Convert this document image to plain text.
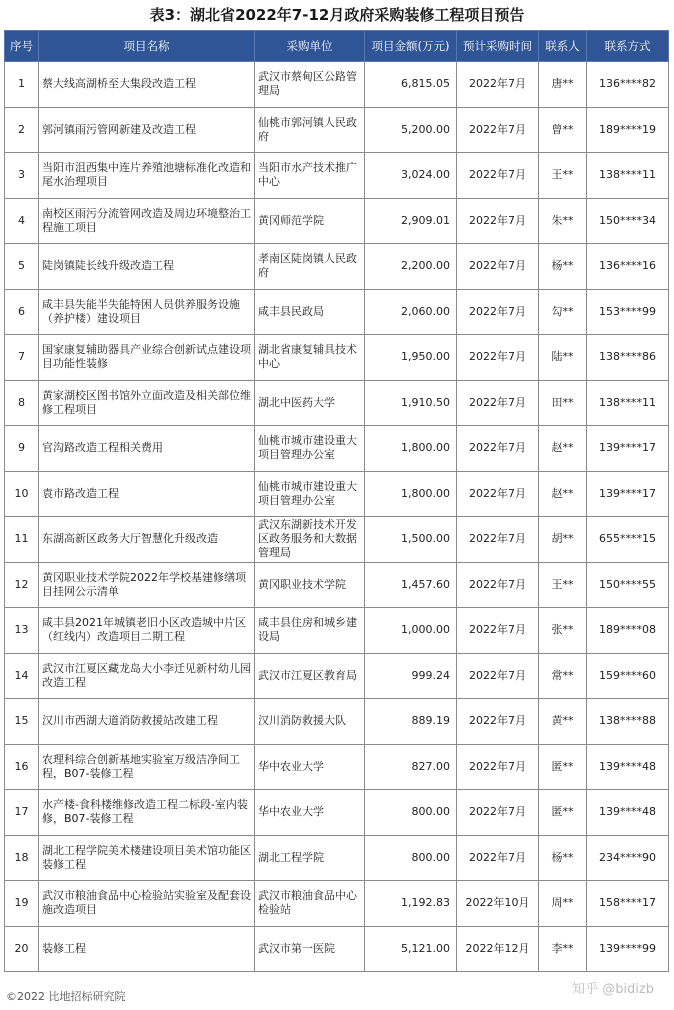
表3：湖北省2022年7-12月政府采购装修工程项目预告
序号	项目名称	采购单位	项目金额(万元)	预计采购时间	联系人	联系方式
1	蔡大线高湖桥至大集段改造工程	武汉市蔡甸区公路管理局	6,815.05	2022年7月	唐**	136****82
2	郭河镇雨污管网新建及改造工程	仙桃市郭河镇人民政府	5,200.00	2022年7月	曾**	189****19
3	当阳市沮西集中连片养殖池塘标准化改造和尾水治理项目	当阳市水产技术推广中心	3,024.00	2022年7月	王**	138****11
4	南校区雨污分流管网改造及周边环境整治工程施工项目	黄冈师范学院	2,909.01	2022年7月	朱**	150****34
5	陡岗镇陡长线升级改造工程	孝南区陡岗镇人民政府	2,200.00	2022年7月	杨**	136****16
6	咸丰县失能半失能特困人员供养服务设施（养护楼）建设项目	咸丰县民政局	2,060.00	2022年7月	勾**	153****99
7	国家康复辅助器具产业综合创新试点建设项目功能性装修	湖北省康复辅具技术中心	1,950.00	2022年7月	陆**	138****86
8	黄家湖校区图书馆外立面改造及相关部位维修工程项目	湖北中医药大学	1,910.50	2022年7月	田**	138****11
9	官沟路改造工程相关费用	仙桃市城市建设重大项目管理办公室	1,800.00	2022年7月	赵**	139****17
10	袁市路改造工程	仙桃市城市建设重大项目管理办公室	1,800.00	2022年7月	赵**	139****17
11	东湖高新区政务大厅智慧化升级改造	武汉东湖新技术开发区政务服务和大数据管理局	1,500.00	2022年7月	胡**	655****15
12	黄冈职业技术学院2022年学校基建修缮项目挂网公示清单	黄冈职业技术学院	1,457.60	2022年7月	王**	150****55
13	咸丰县2021年城镇老旧小区改造城中片区（红线内）改造项目二期工程	咸丰县住房和城乡建设局	1,000.00	2022年7月	张**	189****08
14	武汉市江夏区藏龙岛大小李迁见新村幼儿园改造工程	武汉市江夏区教育局	999.24	2022年7月	常**	159****60
15	汉川市西湖大道消防救援站改建工程	汉川消防救援大队	889.19	2022年7月	黄**	138****88
16	农理科综合创新基地实验室万级洁净间工程，B07-装修工程	华中农业大学	827.00	2022年7月	匿**	139****48
17	水产楼-食科楼维修改造工程二标段-室内装修，B07-装修工程	华中农业大学	800.00	2022年7月	匿**	139****48
18	湖北工程学院美术楼建设项目美术馆功能区装修工程	湖北工程学院	800.00	2022年7月	杨**	234****90
19	武汉市粮油食品中心检验站实验室及配套设施改造项目	武汉市粮油食品中心检验站	1,192.83	2022年10月	周**	158****17
20	装修工程	武汉市第一医院	5,121.00	2022年12月	李**	139****99
©2022 比地招标研究院	知乎 @bidizb
